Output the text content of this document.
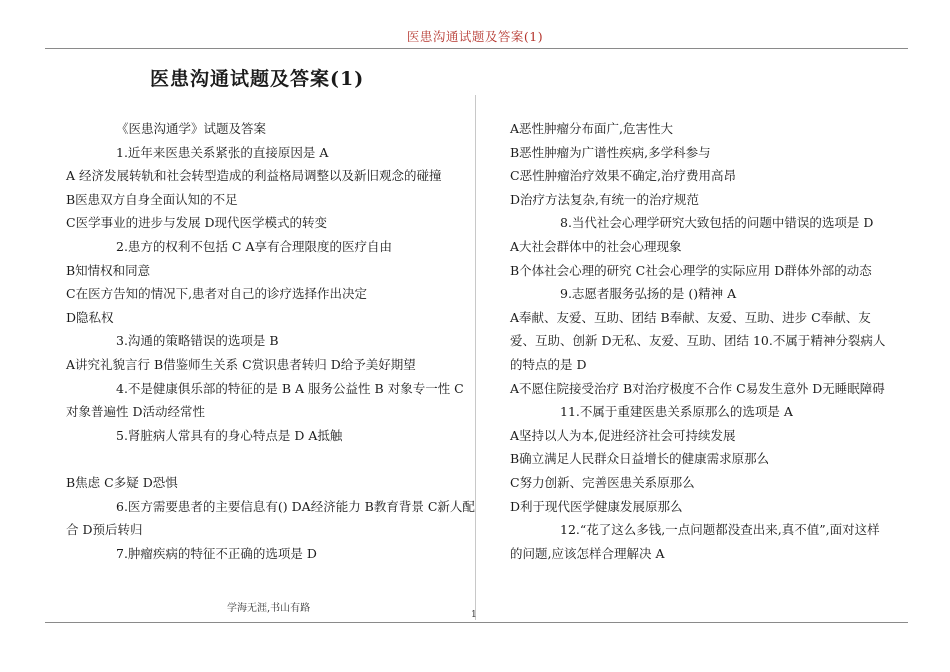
医患沟通试题及答案(1)
医患沟通试题及答案(1)

《医患沟通学》试题及答案

1.近年来医患关系紧张的直接原因是 A

A 经济发展转轨和社会转型造成的利益格局调整以及新旧观念的碰撞

B医患双方自身全面认知的不足

C医学事业的进步与发展 D现代医学模式的转变

2.患方的权利不包括 C A享有合理限度的医疗自由

B知情权和同意

C在医方告知的情况下,患者对自己的诊疗选择作出决定

D隐私权

3.沟通的策略错误的选项是 B

A讲究礼貌言行 B借鉴师生关系 C赏识患者转归 D给予美好期望

4.不是健康俱乐部的特征的是 B A 服务公益性 B 对象专一性 C对象普遍性 D活动经常性

5.肾脏病人常具有的身心特点是 D A抵触

B焦虑 C多疑 D恐惧

6.医方需要患者的主要信息有() DA经济能力 B教育背景 C新人配合 D预后转归

7.肿瘤疾病的特征不正确的选项是 D

A恶性肿瘤分布面广,危害性大

B恶性肿瘤为广谱性疾病,多学科参与

C恶性肿瘤治疗效果不确定,治疗费用高昂

D治疗方法复杂,有统一的治疗规范

8.当代社会心理学研究大致包括的问题中错误的选项是 D

A大社会群体中的社会心理现象

B个体社会心理的研究 C社会心理学的实际应用 D群体外部的动态

9.志愿者服务弘扬的是 ()精神 A

A奉献、友爱、互助、团结 B奉献、友爱、互助、进步 C奉献、友爱、互助、创新 D无私、友爱、互助、团结 10.不属于精神分裂病人的特点的是 D

A不愿住院接受治疗 B对治疗极度不合作 C易发生意外 D无睡眠障碍

11.不属于重建医患关系原那么的选项是 A

A坚持以人为本,促进经济社会可持续发展

B确立满足人民群众日益增长的健康需求原那么

C努力创新、完善医患关系原那么

D利于现代医学健康发展原那么

12.“花了这么多钱,一点问题都没查出来,真不值”,面对这样的问题,应该怎样合理解决 A

学海无涯,书山有路
1
